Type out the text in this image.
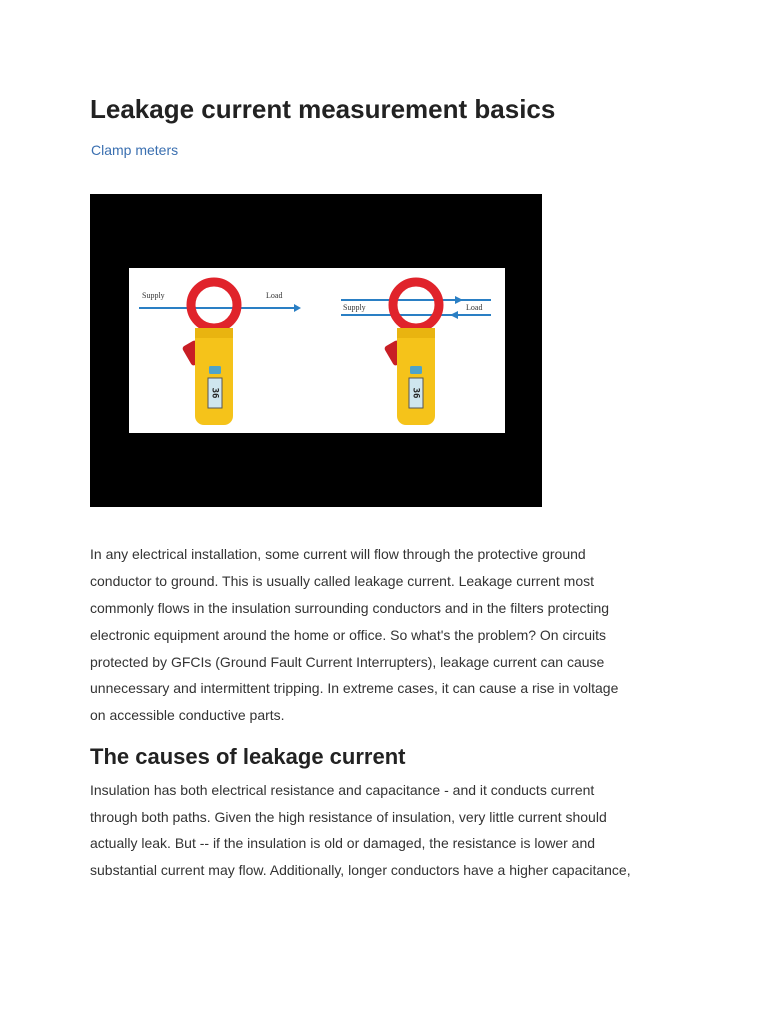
Leakage current measurement basics
Clamp meters
Supply	Load
36
Supply	Load
36

In any electrical installation, some current will flow through the protective ground

conductor to ground. This is usually called leakage current. Leakage current most

commonly flows in the insulation surrounding conductors and in the filters protecting

electronic equipment around the home or office. So what's the problem? On circuits

protected by GFCIs (Ground Fault Current Interrupters), leakage current can cause

unnecessary and intermittent tripping. In extreme cases, it can cause a rise in voltage

on accessible conductive parts.

The causes of leakage current

Insulation has both electrical resistance and capacitance - and it conducts current

through both paths. Given the high resistance of insulation, very little current should

actually leak. But -- if the insulation is old or damaged, the resistance is lower and

substantial current may flow. Additionally, longer conductors have a higher capacitance,
